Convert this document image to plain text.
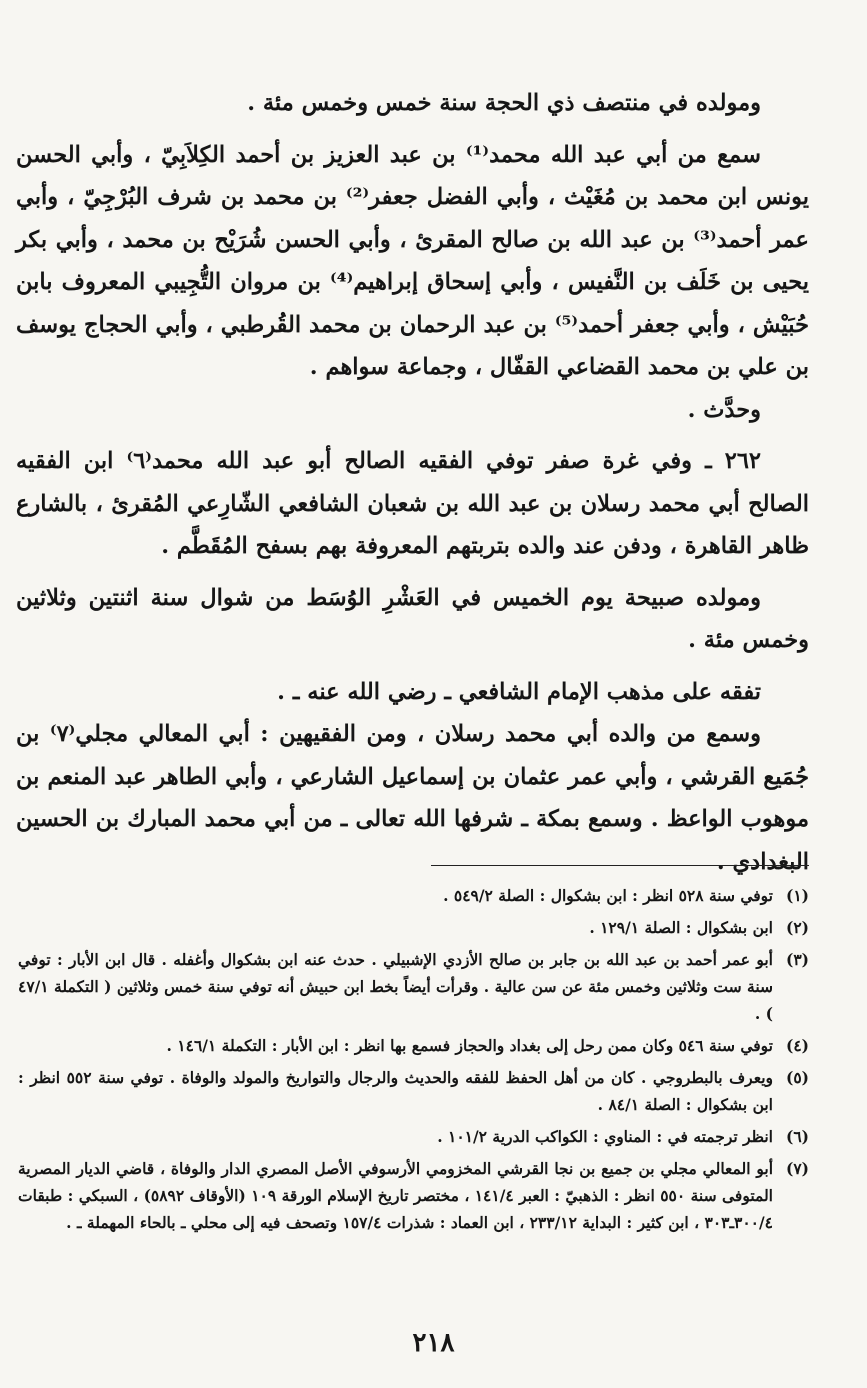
ومولده في منتصف ذي الحجة سنة خمس وخمس مئة .

سمع من أبي عبد الله محمد⁽¹⁾ بن عبد العزيز بن أحمد الكِلاَبِيّ ، وأبي الحسن يونس ابن محمد بن مُغَيْث ، وأبي الفضل جعفر⁽²⁾ بن محمد بن شرف البُرْجِيّ ، وأبي عمر أحمد⁽³⁾ بن عبد الله بن صالح المقرئ ، وأبي الحسن شُرَيْح بن محمد ، وأبي بكر يحيى بن خَلَف بن النَّفيس ، وأبي إسحاق إبراهيم⁽⁴⁾ بن مروان التُّجِيبي المعروف بابن حُبَيْش ، وأبي جعفر أحمد⁽⁵⁾ بن عبد الرحمان بن محمد القُرطبي ، وأبي الحجاج يوسف بن علي بن محمد القضاعي القفّال ، وجماعة سواهم .

وحدَّث .

٢٦٢ ـ وفي غرة صفر توفي الفقيه الصالح أبو عبد الله محمد⁽٦⁾ ابن الفقيه الصالح أبي محمد رسلان بن عبد الله بن شعبان الشافعي الشّارِعي المُقرئ ، بالشارع ظاهر القاهرة ، ودفن عند والده بتربتهم المعروفة بهم بسفح المُقَطَّم .

ومولده صبيحة يوم الخميس في العَشْرِ الوُسَط من شوال سنة اثنتين وثلاثين وخمس مئة .

تفقه على مذهب الإمام الشافعي ـ رضي الله عنه ـ .

وسمع من والده أبي محمد رسلان ، ومن الفقيهين : أبي المعالي مجلي⁽٧⁾ بن جُمَيع القرشي ، وأبي عمر عثمان بن إسماعيل الشارعي ، وأبي الطاهر عبد المنعم بن موهوب الواعظ . وسمع بمكة ـ شرفها الله تعالى ـ من أبي محمد المبارك بن الحسين البغدادي .

(١)
توفي سنة ٥٢٨ انظر : ابن بشكوال : الصلة ٥٤٩/٢ .
(٢)
ابن بشكوال : الصلة ١٢٩/١ .
(٣)
أبو عمر أحمد بن عبد الله بن جابر بن صالح الأزدي الإشبيلي . حدث عنه ابن بشكوال وأغفله . قال ابن الأبار : توفي سنة ست وثلاثين وخمس مئة عن سن عالية . وقرأت أيضاً بخط ابن حبيش أنه توفي سنة خمس وثلاثين ( التكملة ٤٧/١ ) .
(٤)
توفي سنة ٥٤٦ وكان ممن رحل إلى بغداد والحجاز فسمع بها انظر : ابن الأبار : التكملة ١٤٦/١ .
(٥)
ويعرف بالبطروجي . كان من أهل الحفظ للفقه والحديث والرجال والتواريخ والمولد والوفاة . توفي سنة ٥٥٢ انظر : ابن بشكوال : الصلة ٨٤/١ .
(٦)
انظر ترجمته في : المناوي : الكواكب الدرية ١٠١/٢ .
(٧)
أبو المعالي مجلي بن جميع بن نجا القرشي المخزومي الأرسوفي الأصل المصري الدار والوفاة ، قاضي الديار المصرية المتوفى سنة ٥٥٠ انظر : الذهبيّ : العبر ١٤١/٤ ، مختصر تاريخ الإسلام الورقة ١٠٩ (الأوقاف ٥٨٩٢) ، السبكي : طبقات ٣٠٠/٤ـ٣٠٣ ، ابن كثير : البداية ٢٣٣/١٢ ، ابن العماد : شذرات ١٥٧/٤ وتصحف فيه إلى محلي ـ بالحاء المهملة ـ .
٢١٨
